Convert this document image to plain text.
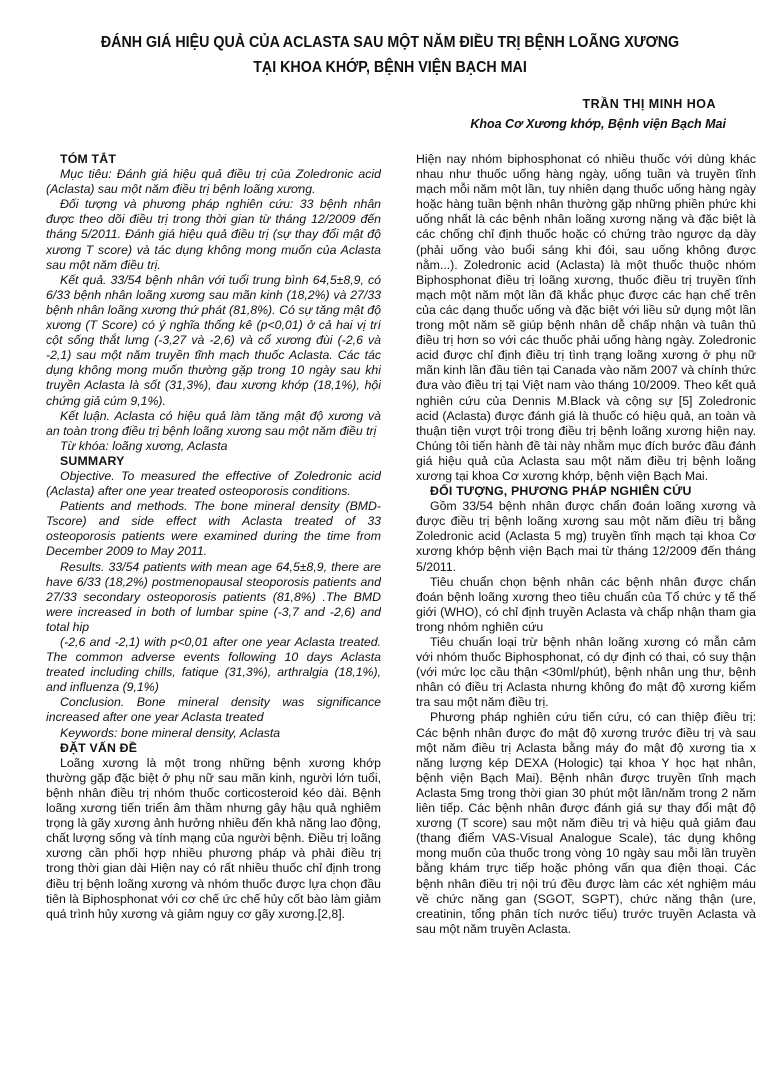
ĐÁNH GIÁ HIỆU QUẢ CỦA ACLASTA SAU MỘT NĂM ĐIỀU TRỊ BỆNH LOÃNG XƯƠNG
TẠI KHOA KHỚP, BỆNH VIỆN BẠCH MAI
TRẦN THỊ MINH HOA
Khoa Cơ Xương khớp, Bệnh viện Bạch Mai
TÓM TẮT

Mục tiêu: Đánh giá hiệu quả điều trị của Zoledronic acid (Aclasta) sau một năm điều trị bệnh loãng xương.

Đối tượng và phương pháp nghiên cứu: 33 bệnh nhân được theo dõi điều trị trong thời gian từ tháng 12/2009 đến tháng 5/2011. Đánh giá hiệu quả điều trị (sự thay đổi mật độ xương T score) và tác dụng không mong muốn của Aclasta sau một năm điều trị.

Kết quả. 33/54 bệnh nhân với tuổi trung bình 64,5±8,9, có 6/33 bệnh nhân loãng xương sau mãn kinh (18,2%) và 27/33 bệnh nhân loãng xương thứ phát (81,8%). Có sự tăng mật độ xương (T Score) có ý nghĩa thống kê (p<0,01) ở cả hai vị trí cột sống thắt lưng (-3,27 và -2,6) và cổ xương đùi (-2,6 và -2,1) sau một năm truyền tĩnh mạch thuốc Aclasta. Các tác dụng không mong muốn thường gặp trong 10 ngày sau khi truyền Aclasta là sốt (31,3%), đau xương khớp (18,1%), hội chứng giả cúm 9,1%).

Kết luận. Aclasta có hiệu quả làm tăng mật độ xương và an toàn trong điều trị bệnh loãng xương sau một năm điều trị

Từ khóa: loãng xương, Aclasta

SUMMARY

Objective. To measured the effective of Zoledronic acid (Aclasta) after one year treated osteoporosis conditions.

Patients and methods. The bone mineral density (BMD-Tscore) and side effect with Aclasta treated of 33 osteoporosis patients were examined during the time from December 2009 to May 2011.

Results. 33/54 patients with mean age 64,5±8,9, there are have 6/33 (18,2%) postmenopausal steoporosis patients and 27/33 secondary osteoporosis patients (81,8%) .The BMD were increased in both of lumbar spine (-3,7 and -2,6) and total hip

(-2,6 and -2,1) with p<0,01 after one year Aclasta treated. The common adverse events following 10 days Aclasta treated including chills, fatique (31,3%), arthralgia (18,1%), and influenza (9,1%)

Conclusion. Bone mineral density was significance increased after one year Aclasta treated

Keywords: bone mineral density, Aclasta

ĐẶT VẤN ĐỀ

Loãng xương là một trong những bệnh xương khớp thường gặp đặc biệt ở phụ nữ sau mãn kinh, người lớn tuổi, bệnh nhân điều trị nhóm thuốc corticosteroid kéo dài. Bệnh loãng xương tiến triển âm thầm nhưng gây hậu quả nghiêm trọng là gãy xương ảnh hưởng nhiều đến khả năng lao động, chất lượng sống và tính mạng của người bệnh. Điều trị loãng xương cần phối hợp nhiều phương pháp và phải điều trị trong thời gian dài Hiện nay có rất nhiều thuốc chỉ định trong điều trị bệnh loãng xương và nhóm thuốc được lựa chọn đầu tiên là Biphosphonat với cơ chế ức chế hủy cốt bào làm giảm quá trình hủy xương và giảm nguy cơ gãy xương.[2,8].

Hiện nay nhóm biphosphonat có nhiều thuốc với dùng khác nhau như thuốc uống hàng ngày, uống tuần và truyền tĩnh mạch mỗi năm một lần, tuy nhiên dạng thuốc uống hàng ngày hoặc hàng tuần bệnh nhân thường gặp những phiền phức khi uống nhất là các bệnh nhân loãng xương nặng và đặc biệt là các chống chỉ định thuốc hoặc có chứng trào ngược dạ dày (phải uống vào buổi sáng khi đói, sau uống không được nằm...). Zoledronic acid (Aclasta) là một thuốc thuộc nhóm Biphosphonat điều trị loãng xương, thuốc điều trị truyền tĩnh mạch một năm một lần đã khắc phục được các hạn chế trên của các dạng thuốc uống và đặc biệt với liều sử dụng một lần trong một năm sẽ giúp bệnh nhân dễ chấp nhận và tuân thủ điều trị hơn so với các thuốc phải uống hàng ngày. Zoledronic acid được chỉ định điều trị tình trạng loãng xương ở phụ nữ mãn kinh lần đầu tiên tại Canada vào năm 2007 và chính thức đưa vào điều trị tại Việt nam vào tháng 10/2009. Theo kết quả nghiên cứu của Dennis M.Black và cộng sự [5] Zoledronic acid (Aclasta) được đánh giá là thuốc có hiệu quả, an toàn và thuận tiện vượt trội trong điều trị bệnh loãng xương hiện nay. Chúng tôi tiến hành đề tài này nhằm mục đích bước đầu đánh giá hiệu quả của Aclasta sau một năm điều trị bệnh loãng xương tại khoa Cơ xương khớp, bệnh viện Bạch Mai.

ĐỐI TƯỢNG, PHƯƠNG PHÁP NGHIÊN CỨU

Gồm 33/54 bệnh nhân được chẩn đoán loãng xương và được điều trị bệnh loãng xương sau một năm điều trị bằng Zoledronic acid (Aclasta 5 mg) truyền tĩnh mạch tại khoa Cơ xương khớp bệnh viện Bạch mai từ tháng 12/2009 đến tháng 5/2011.

Tiêu chuẩn chọn bệnh nhân các bệnh nhân được chẩn đoán bệnh loãng xương theo tiêu chuẩn của Tổ chức y tế thế giới (WHO), có chỉ định truyền Aclasta và chấp nhận tham gia trong nhóm nghiên cứu

Tiêu chuẩn loại trừ bệnh nhân loãng xương có mẫn cảm với nhóm thuốc Biphosphonat, có dự định có thai, có suy thận (với mức lọc cầu thận <30ml/phút), bệnh nhân ung thư, bệnh nhân có điều trị Aclasta nhưng không đo mật độ xương kiểm tra sau một năm điều trị.

Phương pháp nghiên cứu tiến cứu, có can thiệp điều trị: Các bệnh nhân được đo mật độ xương trước điều trị và sau một năm điều trị Aclasta bằng máy đo mật độ xương tia x năng lượng kép DEXA (Hologic) tại khoa Y học hạt nhân, bệnh viện Bạch Mai). Bệnh nhân được truyền tĩnh mạch Aclasta 5mg trong thời gian 30 phút một lần/năm trong 2 năm liên tiếp. Các bệnh nhân được đánh giá sự thay đổi mật độ xương (T score) sau một năm điều trị và hiệu quả giảm đau (thang điểm VAS-Visual Analogue Scale), tác dụng không mong muốn của thuốc trong vòng 10 ngày sau mỗi lần truyền bằng khám trực tiếp hoặc phỏng vấn qua điện thoại. Các bệnh nhân điều trị nội trú đều được làm các xét nghiệm máu về chức năng gan (SGOT, SGPT), chức năng thận (ure, creatinin, tổng phân tích nước tiểu) trước truyền Aclasta và sau một năm truyền Aclasta.
